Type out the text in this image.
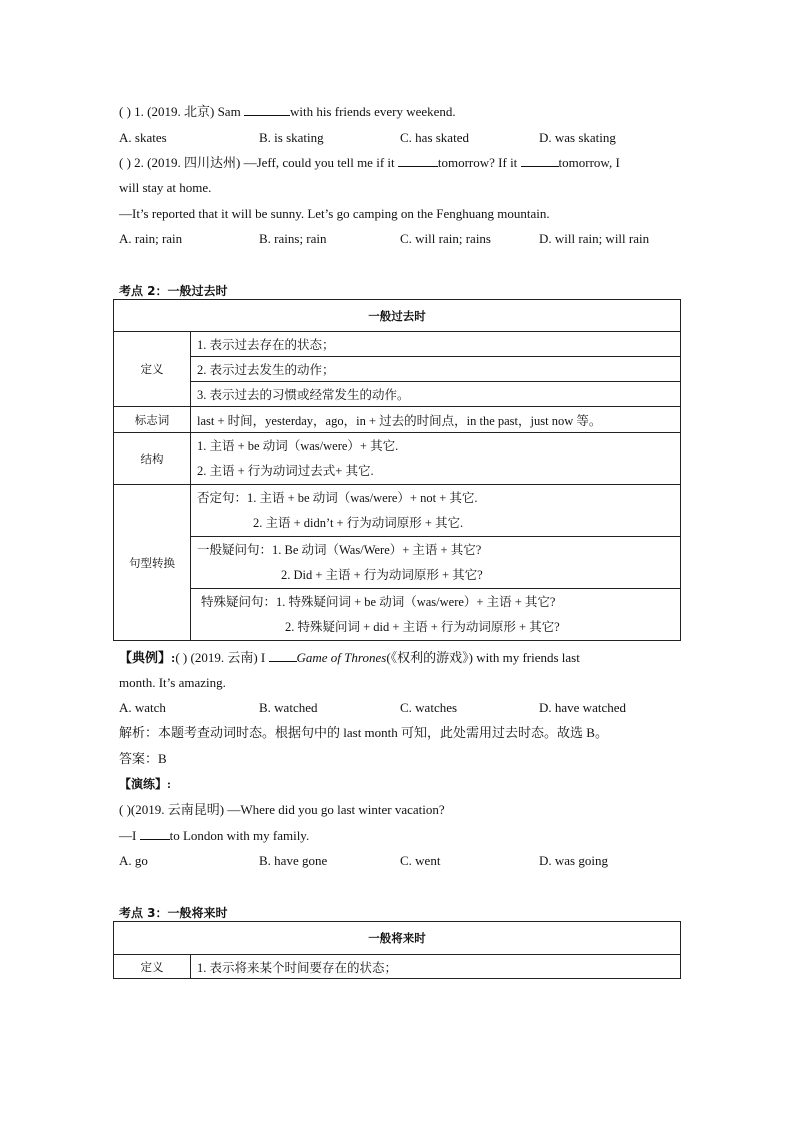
( ) 1. (2019. 北京) Sam	with his friends every weekend.
A. skates	B. is skating	C. has skated	D. was skating
( ) 2. (2019. 四川达州) —Jeff, could you tell me if it	tomorrow? If it	tomorrow, I
will stay at home.
—It’s reported that it will be sunny. Let’s go camping on the Fenghuang mountain.
A. rain; rain	B. rains; rain	C. will rain; rains	D. will rain; will rain
考点 2：一般过去时
一般过去时	
定义	1. 表示过去存在的状态；
	2. 表示过去发生的动作；
	3. 表示过去的习惯或经常发生的动作。
标志词	last + 时间，yesterday，ago，in + 过去的时间点，in the past，just now 等。
结构	1. 主语 + be 动词（was/were）+ 其它.
2. 主语 + 行为动词过去式+ 其它.

句型转换	否定句：1. 主语 + be 动词（was/were）+ not + 其它.
2. 主语 + didn’t + 行为动词原形 + 其它.

	一般疑问句：1. Be 动词（Was/Were）+ 主语 + 其它?
2. Did + 主语 + 行为动词原形 + 其它?

	特殊疑问句：1. 特殊疑问词 + be 动词（was/were）+ 主语 + 其它?
2. 特殊疑问词 + did + 主语 + 行为动词原形 + 其它?
【典例】:( ) (2019. 云南) I Game of Thrones(《权利的游戏》) with my friends last
month. It’s amazing.
A. watch	B. watched	C. watches	D. have watched
解析：本题考查动词时态。根据句中的 last month 可知，此处需用过去时态。故选 B。
答案：B
【演练】:
( )(2019. 云南昆明) —Where did you go last winter vacation?
—I to London with my family.
A. go	B. have gone	C. went	D. was going
考点 3：一般将来时
一般将来时
定义	1. 表示将来某个时间要存在的状态；
